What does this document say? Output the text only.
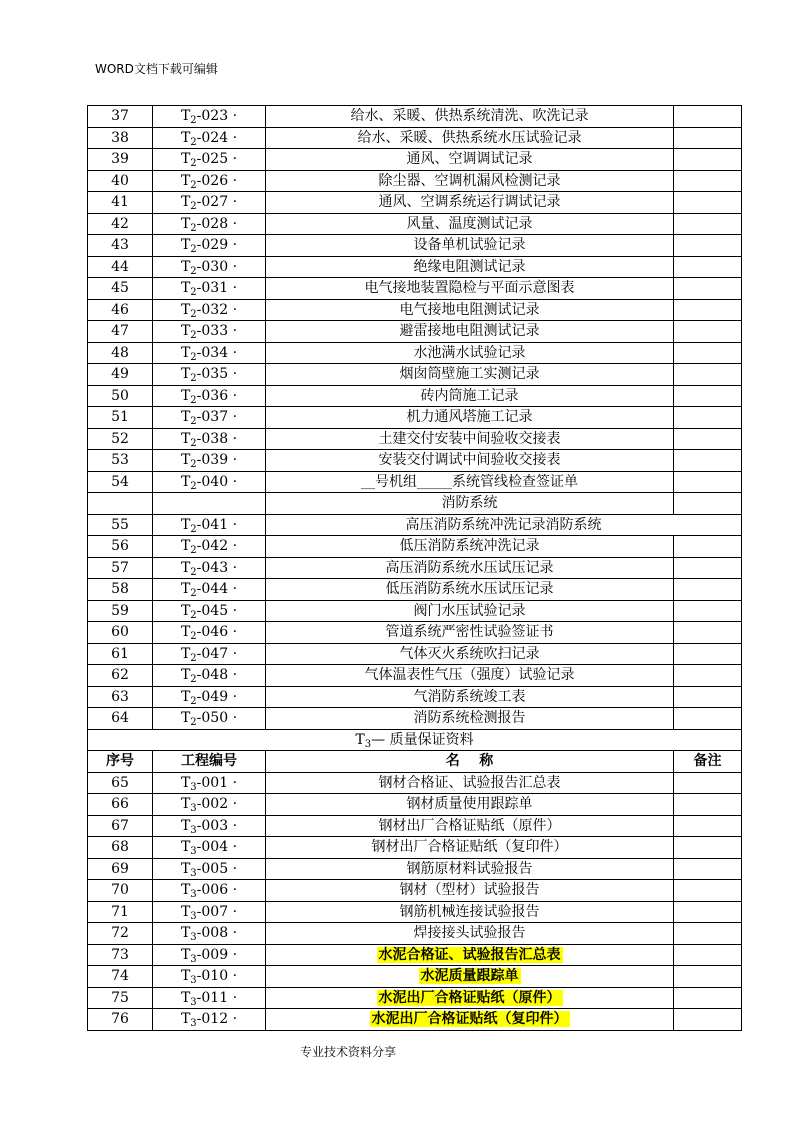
WORD文档下载可编辑
37	$T_2-023$ ·	给水、采暖、供热系统清洗、吹洗记录	
38	$T_2-024$ ·	给水、采暖、供热系统水压试验记录	
39	$T_2-025$ ·	通风、空调调试记录	
40	$T_2-026$ ·	除尘器、空调机漏风检测记录	
41	$T_2-027$ ·	通风、空调系统运行调试记录	
42	$T_2-028$ ·	风量、温度测试记录	
43	$T_2-029$ ·	设备单机试验记录	
44	$T_2-030$ ·	绝缘电阻测试记录	
45	$T_2-031$ ·	电气接地装置隐检与平面示意图表	
46	$T_2-032$ ·	电气接地电阻测试记录	
47	$T_2-033$ ·	避雷接地电阻测试记录	
48	$T_2-034$ ·	水池满水试验记录	
49	$T_2-035$ ·	烟囱筒壁施工实测记录	
50	$T_2-036$ ·	砖内筒施工记录	
51	$T_2-037$ ·	机力通风塔施工记录	
52	$T_2-038$ ·	土建交付安装中间验收交接表	
53	$T_2-039$ ·	安装交付调试中间验收交接表	
54	$T_2-040$ ·	__号机组_____系统管线检查签证单	
		消防系统	
55	$T_2-041$ ·	高压消防系统冲洗记录消防系统	
56	$T_2-042$ ·	低压消防系统冲洗记录	
57	$T_2-043$ ·	高压消防系统水压试压记录	
58	$T_2-044$ ·	低压消防系统水压试压记录	
59	$T_2-045$ ·	阀门水压试验记录	
60	$T_2-046$ ·	管道系统严密性试验签证书	
61	$T_2-047$ ·	气体灭火系统吹扫记录	
62	$T_2-048$ ·	气体温表性气压（强度）试验记录	
63	$T_2-049$ ·	气消防系统竣工表	
64	$T_2-050$ ·	消防系统检测报告	
$T_3—$ 质量保证资料			
序号	工程编号	名    称	备注
65	$T_3-001$ ·	钢材合格证、试验报告汇总表	
66	$T_3-002$ ·	钢材质量使用跟踪单	
67	$T_3-003$ ·	钢材出厂合格证贴纸（原件）	
68	$T_3-004$ ·	钢材出厂合格证贴纸（复印件）	
69	$T_3-005$ ·	钢筋原材料试验报告	
70	$T_3-006$ ·	钢材（型材）试验报告	
71	$T_3-007$ ·	钢筋机械连接试验报告	
72	$T_3-008$ ·	焊接接头试验报告	
73	$T_3-009$ ·	水泥合格证、试验报告汇总表	
74	$T_3-010$ ·	水泥质量跟踪单	
75	$T_3-011$ ·	水泥出厂合格证贴纸（原件）	
76	$T_3-012$ ·	水泥出厂合格证贴纸（复印件）	
专业技术资料分享
